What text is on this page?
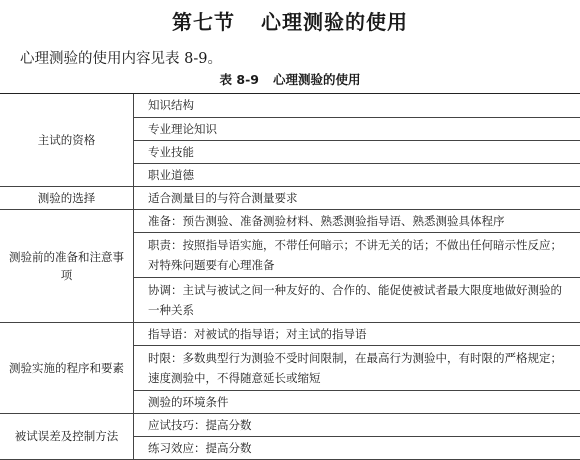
第七节 心理测验的使用
心理测验的使用内容见表 8-9。
表 8-9 心理测验的使用
主试的资格	知识结构
	专业理论知识
	专业技能
	职业道德
测验的选择	适合测量目的与符合测量要求
测验前的准备和注意事项	准备：预告测验、准备测验材料、熟悉测验指导语、熟悉测验具体程序
	职责：按照指导语实施，不带任何暗示；不讲无关的话；不做出任何暗示性反应；对特殊问题要有心理准备
	协调：主试与被试之间一种友好的、合作的、能促使被试者最大限度地做好测验的一种关系
测验实施的程序和要素	指导语：对被试的指导语；对主试的指导语
	时限：多数典型行为测验不受时间限制，在最高行为测验中，有时限的严格规定；速度测验中，不得随意延长或缩短
	测验的环境条件
被试误差及控制方法	应试技巧：提高分数
	练习效应：提高分数
